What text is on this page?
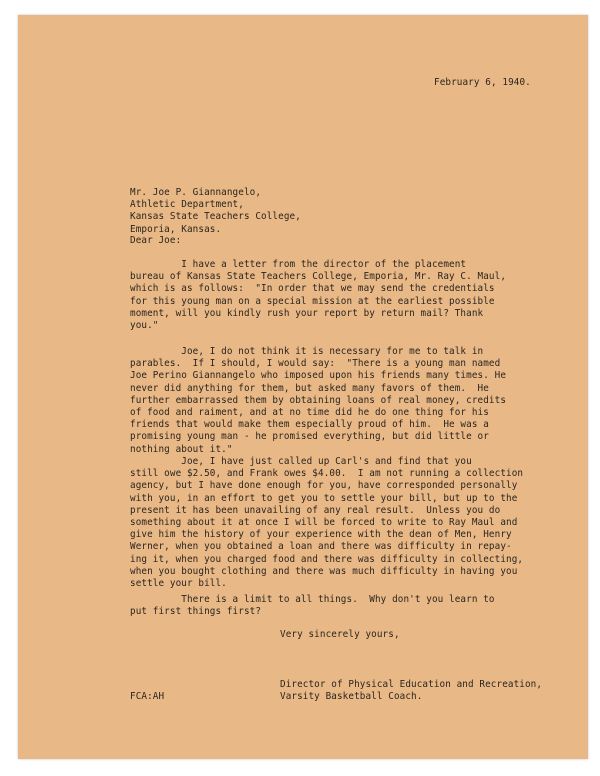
February 6, 1940.

Mr. Joe P. Giannangelo,
Athletic Department,
Kansas State Teachers College,
Emporia, Kansas.

Dear Joe:

I have a letter from the director of the placement
bureau of Kansas State Teachers College, Emporia, Mr. Ray C. Maul,
which is as follows:  "In order that we may send the credentials
for this young man on a special mission at the earliest possible
moment, will you kindly rush your report by return mail? Thank
you."
Joe, I do not think it is necessary for me to talk in
parables.  If I should, I would say:  "There is a young man named
Joe Perino Giannangelo who imposed upon his friends many times. He
never did anything for them, but asked many favors of them.  He
further embarrassed them by obtaining loans of real money, credits
of food and raiment, and at no time did he do one thing for his
friends that would make them especially proud of him.  He was a
promising young man - he promised everything, but did little or
nothing about it."
Joe, I have just called up Carl's and find that you
still owe $2.50, and Frank owes $4.00.  I am not running a collection
agency, but I have done enough for you, have corresponded personally
with you, in an effort to get you to settle your bill, but up to the
present it has been unavailing of any real result.  Unless you do
something about it at once I will be forced to write to Ray Maul and
give him the history of your experience with the dean of Men, Henry
Werner, when you obtained a loan and there was difficulty in repay-
ing it, when you charged food and there was difficulty in collecting,
when you bought clothing and there was much difficulty in having you
settle your bill.
There is a limit to all things.  Why don't you learn to
put first things first?

Very sincerely yours,

Director of Physical Education and Recreation,
Varsity Basketball Coach.

FCA:AH
